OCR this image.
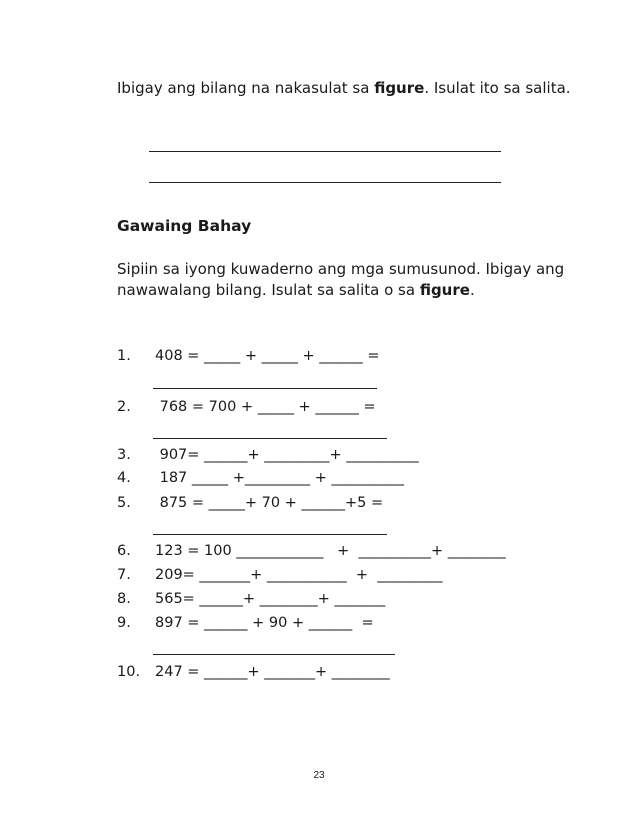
Ibigay ang bilang na nakasulat sa figure. Isulat ito sa salita.
Gawaing Bahay
Sipiin sa iyong kuwaderno ang mga sumusunod. Ibigay ang nawawalang bilang. Isulat sa salita o sa figure.
1. 408 = _____ + _____ + ______ =
2. 768 = 700 + _____ + ______ =
3. 907= ______+ _________+ __________
4. 187 _____ +_________ + __________
5. 875 = _____+ 70 + ______+5 =
6. 123 = 100 ____________   +  __________+ ________
7. 209= _______+ ___________  +  _________
8. 565= ______+ ________+ _______
9. 897 = ______ + 90 + ______  =
10. 247 = ______+ _______+ ________
23
